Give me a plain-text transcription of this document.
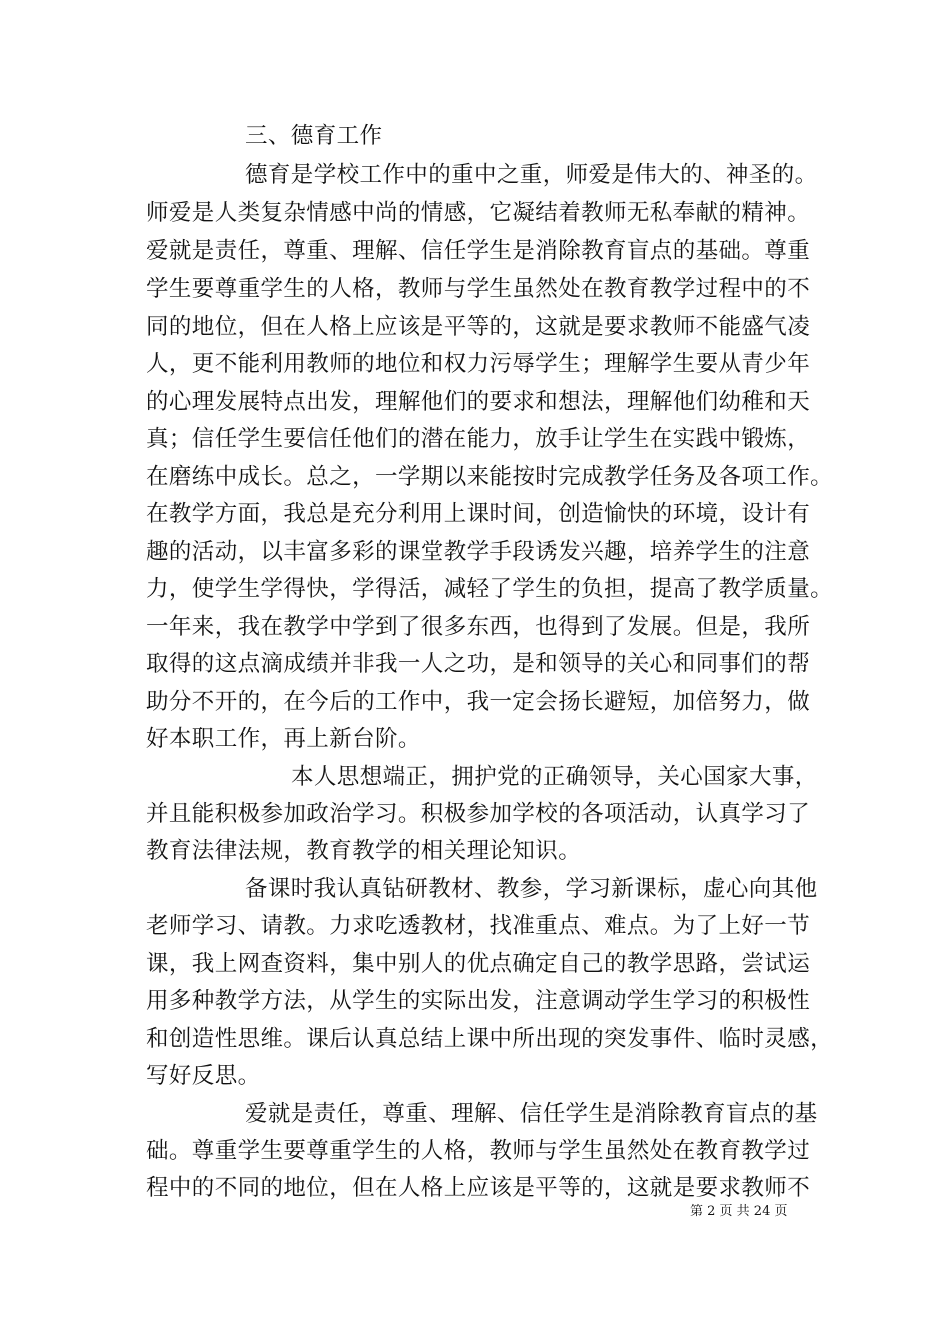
三、德育工作
德育是学校工作中的重中之重，师爱是伟大的、神圣的。
师爱是人类复杂情感中尚的情感，它凝结着教师无私奉献的精神。
爱就是责任，尊重、理解、信任学生是消除教育盲点的基础。尊重
学生要尊重学生的人格，教师与学生虽然处在教育教学过程中的不
同的地位，但在人格上应该是平等的，这就是要求教师不能盛气凌
人，更不能利用教师的地位和权力污辱学生；理解学生要从青少年
的心理发展特点出发，理解他们的要求和想法，理解他们幼稚和天
真；信任学生要信任他们的潜在能力，放手让学生在实践中锻炼，
在磨练中成长。总之，一学期以来能按时完成教学任务及各项工作。
在教学方面，我总是充分利用上课时间，创造愉快的环境，设计有
趣的活动，以丰富多彩的课堂教学手段诱发兴趣，培养学生的注意
力，使学生学得快，学得活，减轻了学生的负担，提高了教学质量。
一年来，我在教学中学到了很多东西，也得到了发展。但是，我所
取得的这点滴成绩并非我一人之功，是和领导的关心和同事们的帮
助分不开的，在今后的工作中，我一定会扬长避短，加倍努力，做
好本职工作，再上新台阶。
本人思想端正，拥护党的正确领导，关心国家大事，
并且能积极参加政治学习。积极参加学校的各项活动，认真学习了
教育法律法规，教育教学的相关理论知识。
备课时我认真钻研教材、教参，学习新课标，虚心向其他
老师学习、请教。力求吃透教材，找准重点、难点。为了上好一节
课，我上网查资料，集中别人的优点确定自己的教学思路，尝试运
用多种教学方法，从学生的实际出发，注意调动学生学习的积极性
和创造性思维。课后认真总结上课中所出现的突发事件、临时灵感，
写好反思。
爱就是责任，尊重、理解、信任学生是消除教育盲点的基
础。尊重学生要尊重学生的人格，教师与学生虽然处在教育教学过
程中的不同的地位，但在人格上应该是平等的，这就是要求教师不
第 2 页 共 24 页
